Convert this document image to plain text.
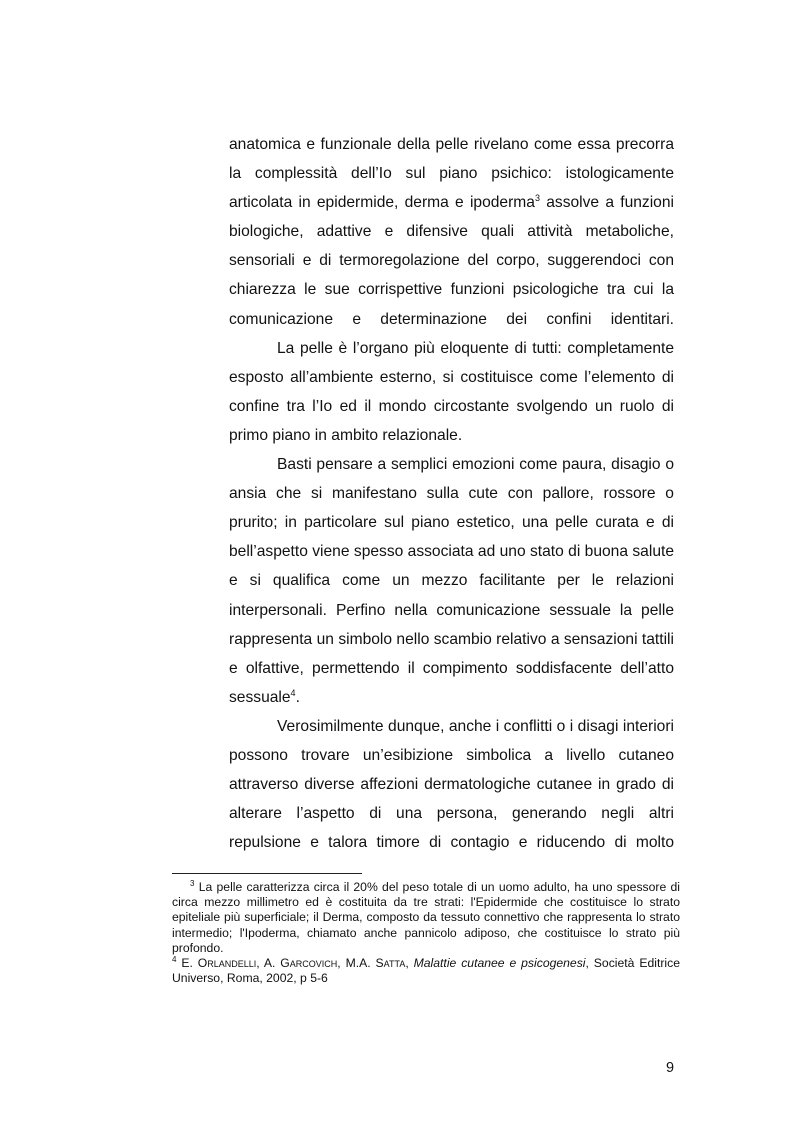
anatomica e funzionale della pelle rivelano come essa precorra la complessità dell’Io sul piano psichico: istologicamente articolata in epidermide, derma e ipoderma$^3$ assolve a funzioni biologiche, adattive e difensive quali attività metaboliche, sensoriali e di termoregolazione del corpo, suggerendoci con chiarezza le sue corrispettive funzioni psicologiche tra cui la comunicazione e determinazione dei confini identitari.

La pelle è l’organo più eloquente di tutti: completamente esposto all’ambiente esterno, si costituisce come l’elemento di confine tra l’Io ed il mondo circostante svolgendo un ruolo di primo piano in ambito relazionale.

Basti pensare a semplici emozioni come paura, disagio o ansia che si manifestano sulla cute con pallore, rossore o prurito; in particolare sul piano estetico, una pelle curata e di bell’aspetto viene spesso associata ad uno stato di buona salute e si qualifica come un mezzo facilitante per le relazioni interpersonali. Perfino nella comunicazione sessuale la pelle rappresenta un simbolo nello scambio relativo a sensazioni tattili e olfattive, permettendo il compimento soddisfacente dell’atto sessuale$^4$.

Verosimilmente dunque, anche i conflitti o i disagi interiori possono trovare un’esibizione simbolica a livello cutaneo attraverso diverse affezioni dermatologiche cutanee in grado di alterare l’aspetto di una persona, generando negli altri repulsione e talora timore di contagio e riducendo di molto

$^3$ La pelle caratterizza circa il 20% del peso totale di un uomo adulto, ha uno spessore di circa mezzo millimetro ed è costituita da tre strati: l'Epidermide che costituisce lo strato epiteliale più superficiale; il Derma, composto da tessuto connettivo che rappresenta lo strato intermedio; l'Ipoderma, chiamato anche pannicolo adiposo, che costituisce lo strato più profondo.

$^4$ E. Orlandelli, A. Garcovich, M.A. Satta, Malattie cutanee e psicogenesi, Società Editrice Universo, Roma, 2002, p 5-6

9
